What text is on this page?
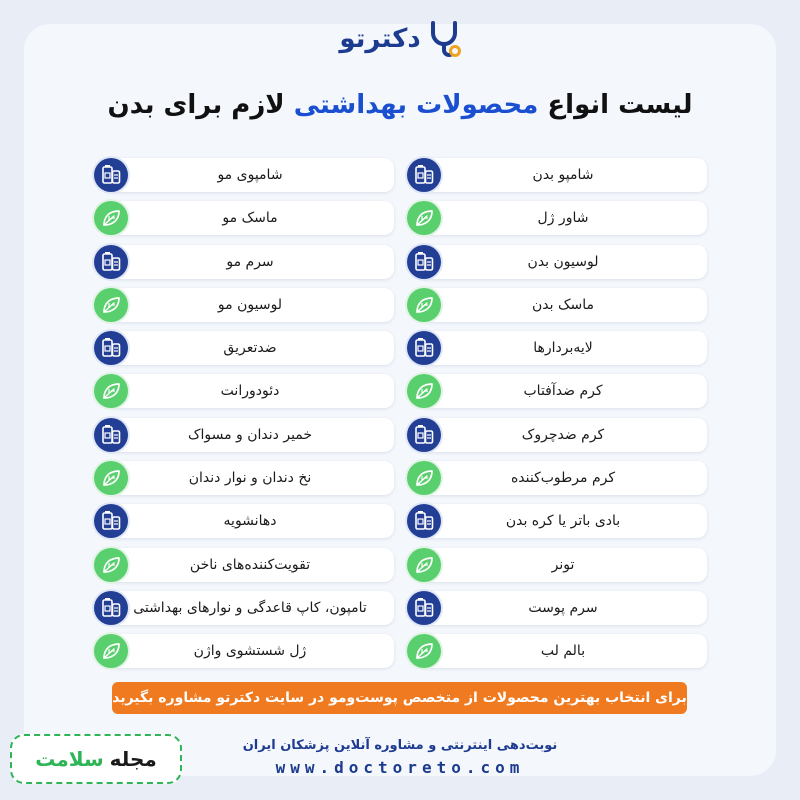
دکترتو
لیست انواع محصولات بهداشتی لازم برای بدن
شامپو بدن
شاور ژل
لوسیون بدن
ماسک بدن
لایه‌بردارها
کرم ضدآفتاب
کرم ضدچروک
کرم مرطوب‌کننده
بادی باتر یا کره بدن
تونر
سرم پوست
بالم لب
شامپوی مو
ماسک مو
سرم مو
لوسیون مو
ضدتعریق
دئودورانت
خمیر دندان و مسواک
نخ دندان و نوار دندان
دهانشویه
تقویت‌کننده‌های ناخن
تامپون، کاپ قاعدگی و نوارهای بهداشتی
ژل شستشوی واژن
برای انتخاب بهترین محصولات از متخصص پوست‌ومو در سایت دکترتو مشاوره بگیرید
نوبت‌دهی اینترنتی و مشاوره آنلاین پزشکان ایران
www.doctoreto.com
مجله
سلامت
